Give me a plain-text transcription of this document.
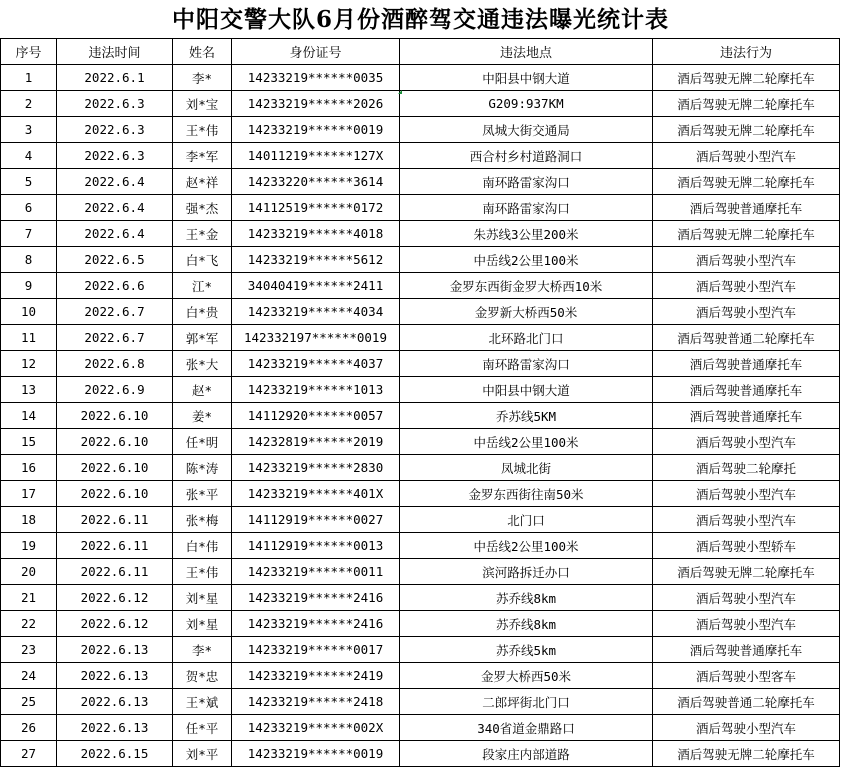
中阳交警大队6月份酒醉驾交通违法曝光统计表
序号	违法时间	姓名	身份证号	违法地点	违法行为
1	2022.6.1	李*	14233219******0035	中阳县中钢大道	酒后驾驶无牌二轮摩托车
2	2022.6.3	刘*宝	14233219******2026	G209:937KM	酒后驾驶无牌二轮摩托车
3	2022.6.3	王*伟	14233219******0019	凤城大街交通局	酒后驾驶无牌二轮摩托车
4	2022.6.3	李*军	14011219******127X	西合村乡村道路洞口	酒后驾驶小型汽车
5	2022.6.4	赵*祥	14233220******3614	南环路雷家沟口	酒后驾驶无牌二轮摩托车
6	2022.6.4	强*杰	14112519******0172	南环路雷家沟口	酒后驾驶普通摩托车
7	2022.6.4	王*金	14233219******4018	朱苏线3公里200米	酒后驾驶无牌二轮摩托车
8	2022.6.5	白*飞	14233219******5612	中岳线2公里100米	酒后驾驶小型汽车
9	2022.6.6	江*	34040419******2411	金罗东西街金罗大桥西10米	酒后驾驶小型汽车
10	2022.6.7	白*贵	14233219******4034	金罗新大桥西50米	酒后驾驶小型汽车
11	2022.6.7	郭*军	142332197******0019	北环路北门口	酒后驾驶普通二轮摩托车
12	2022.6.8	张*大	14233219******4037	南环路雷家沟口	酒后驾驶普通摩托车
13	2022.6.9	赵*	14233219******1013	中阳县中钢大道	酒后驾驶普通摩托车
14	2022.6.10	姜*	14112920******0057	乔苏线5KM	酒后驾驶普通摩托车
15	2022.6.10	任*明	14232819******2019	中岳线2公里100米	酒后驾驶小型汽车
16	2022.6.10	陈*涛	14233219******2830	凤城北街	酒后驾驶二轮摩托
17	2022.6.10	张*平	14233219******401X	金罗东西街往南50米	酒后驾驶小型汽车
18	2022.6.11	张*梅	14112919******0027	北门口	酒后驾驶小型汽车
19	2022.6.11	白*伟	14112919******0013	中岳线2公里100米	酒后驾驶小型轿车
20	2022.6.11	王*伟	14233219******0011	滨河路拆迁办口	酒后驾驶无牌二轮摩托车
21	2022.6.12	刘*星	14233219******2416	苏乔线8km	酒后驾驶小型汽车
22	2022.6.12	刘*星	14233219******2416	苏乔线8km	酒后驾驶小型汽车
23	2022.6.13	李*	14233219******0017	苏乔线5km	酒后驾驶普通摩托车
24	2022.6.13	贺*忠	14233219******2419	金罗大桥西50米	酒后驾驶小型客车
25	2022.6.13	王*斌	14233219******2418	二郎坪街北门口	酒后驾驶普通二轮摩托车
26	2022.6.13	任*平	14233219******002X	340省道金鼎路口	酒后驾驶小型汽车
27	2022.6.15	刘*平	14233219******0019	段家庄内部道路	酒后驾驶无牌二轮摩托车
